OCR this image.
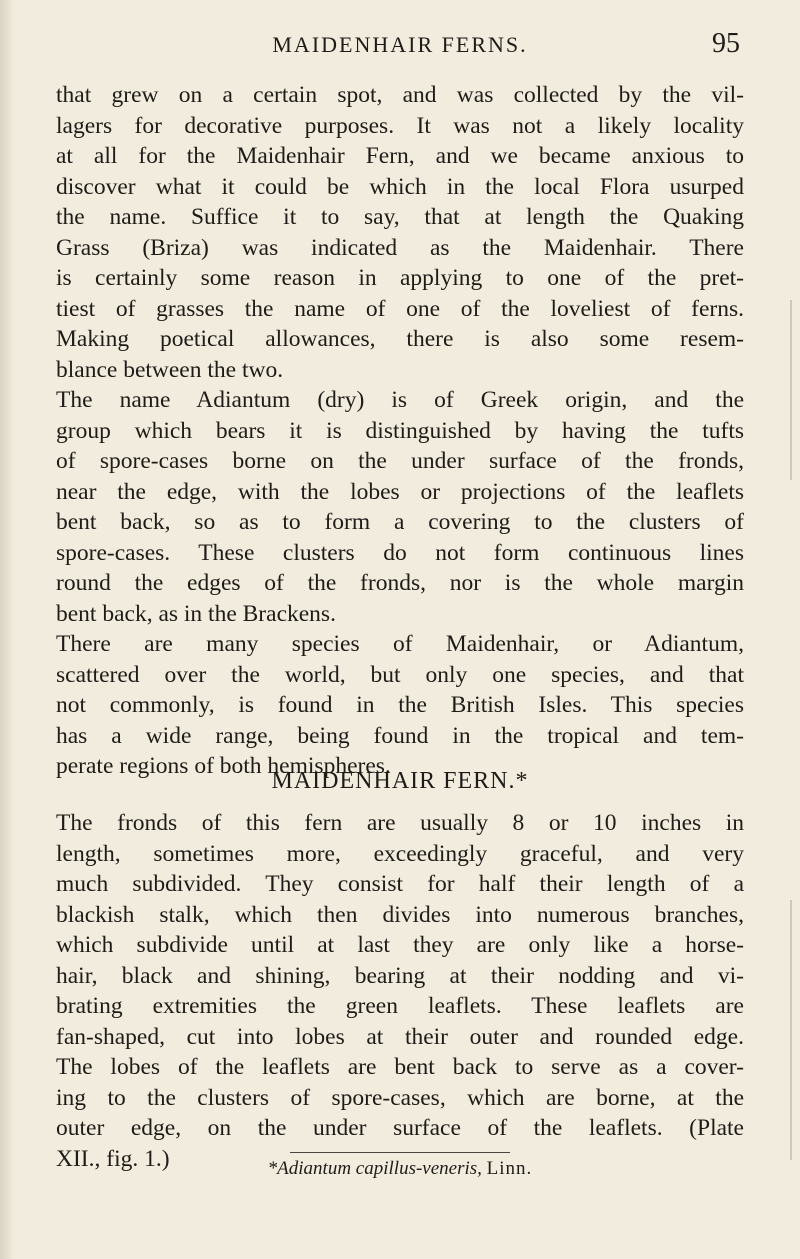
MAIDENHAIR FERNS.	95
that grew on a certain spot, and was collected by the vil-
lagers for decorative purposes. It was not a likely locality
at all for the Maidenhair Fern, and we became anxious to
discover what it could be which in the local Flora usurped
the name. Suffice it to say, that at length the Quaking
Grass (Briza) was indicated as the Maidenhair. There
is certainly some reason in applying to one of the pret-
tiest of grasses the name of one of the loveliest of ferns.
Making poetical allowances, there is also some resem-
blance between the two.
The name Adiantum (dry) is of Greek origin, and the
group which bears it is distinguished by having the tufts
of spore-cases borne on the under surface of the fronds,
near the edge, with the lobes or projections of the leaflets
bent back, so as to form a covering to the clusters of
spore-cases. These clusters do not form continuous lines
round the edges of the fronds, nor is the whole margin
bent back, as in the Brackens.
There are many species of Maidenhair, or Adiantum,
scattered over the world, but only one species, and that
not commonly, is found in the British Isles. This species
has a wide range, being found in the tropical and tem-
perate regions of both hemispheres.
MAIDENHAIR FERN.*
The fronds of this fern are usually 8 or 10 inches in
length, sometimes more, exceedingly graceful, and very
much subdivided. They consist for half their length of a
blackish stalk, which then divides into numerous branches,
which subdivide until at last they are only like a horse-
hair, black and shining, bearing at their nodding and vi-
brating extremities the green leaflets. These leaflets are
fan-shaped, cut into lobes at their outer and rounded edge.
The lobes of the leaflets are bent back to serve as a cover-
ing to the clusters of spore-cases, which are borne, at the
outer edge, on the under surface of the leaflets. (Plate
XII., fig. 1.)	*Adiantum capillus-veneris, Linn.
